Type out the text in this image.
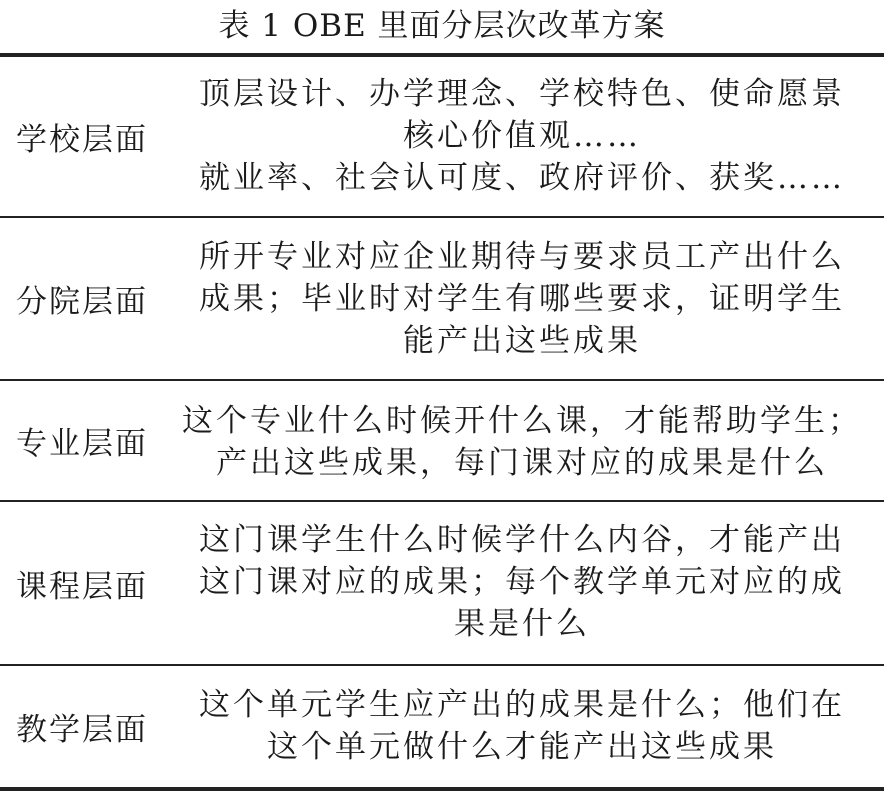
表 1 OBE 里面分层次改革方案
学校层面
顶层设计、办学理念、学校特色、使命愿景
核心价值观……
就业率、社会认可度、政府评价、获奖……
分院层面
所开专业对应企业期待与要求员工产出什么
成果；毕业时对学生有哪些要求，证明学生
能产出这些成果
专业层面
这个专业什么时候开什么课，才能帮助学生；
产出这些成果，每门课对应的成果是什么
课程层面
这门课学生什么时候学什么内谷，才能产出
这门课对应的成果；每个教学单元对应的成
果是什么
教学层面
这个单元学生应产出的成果是什么；他们在
这个单元做什么才能产出这些成果
